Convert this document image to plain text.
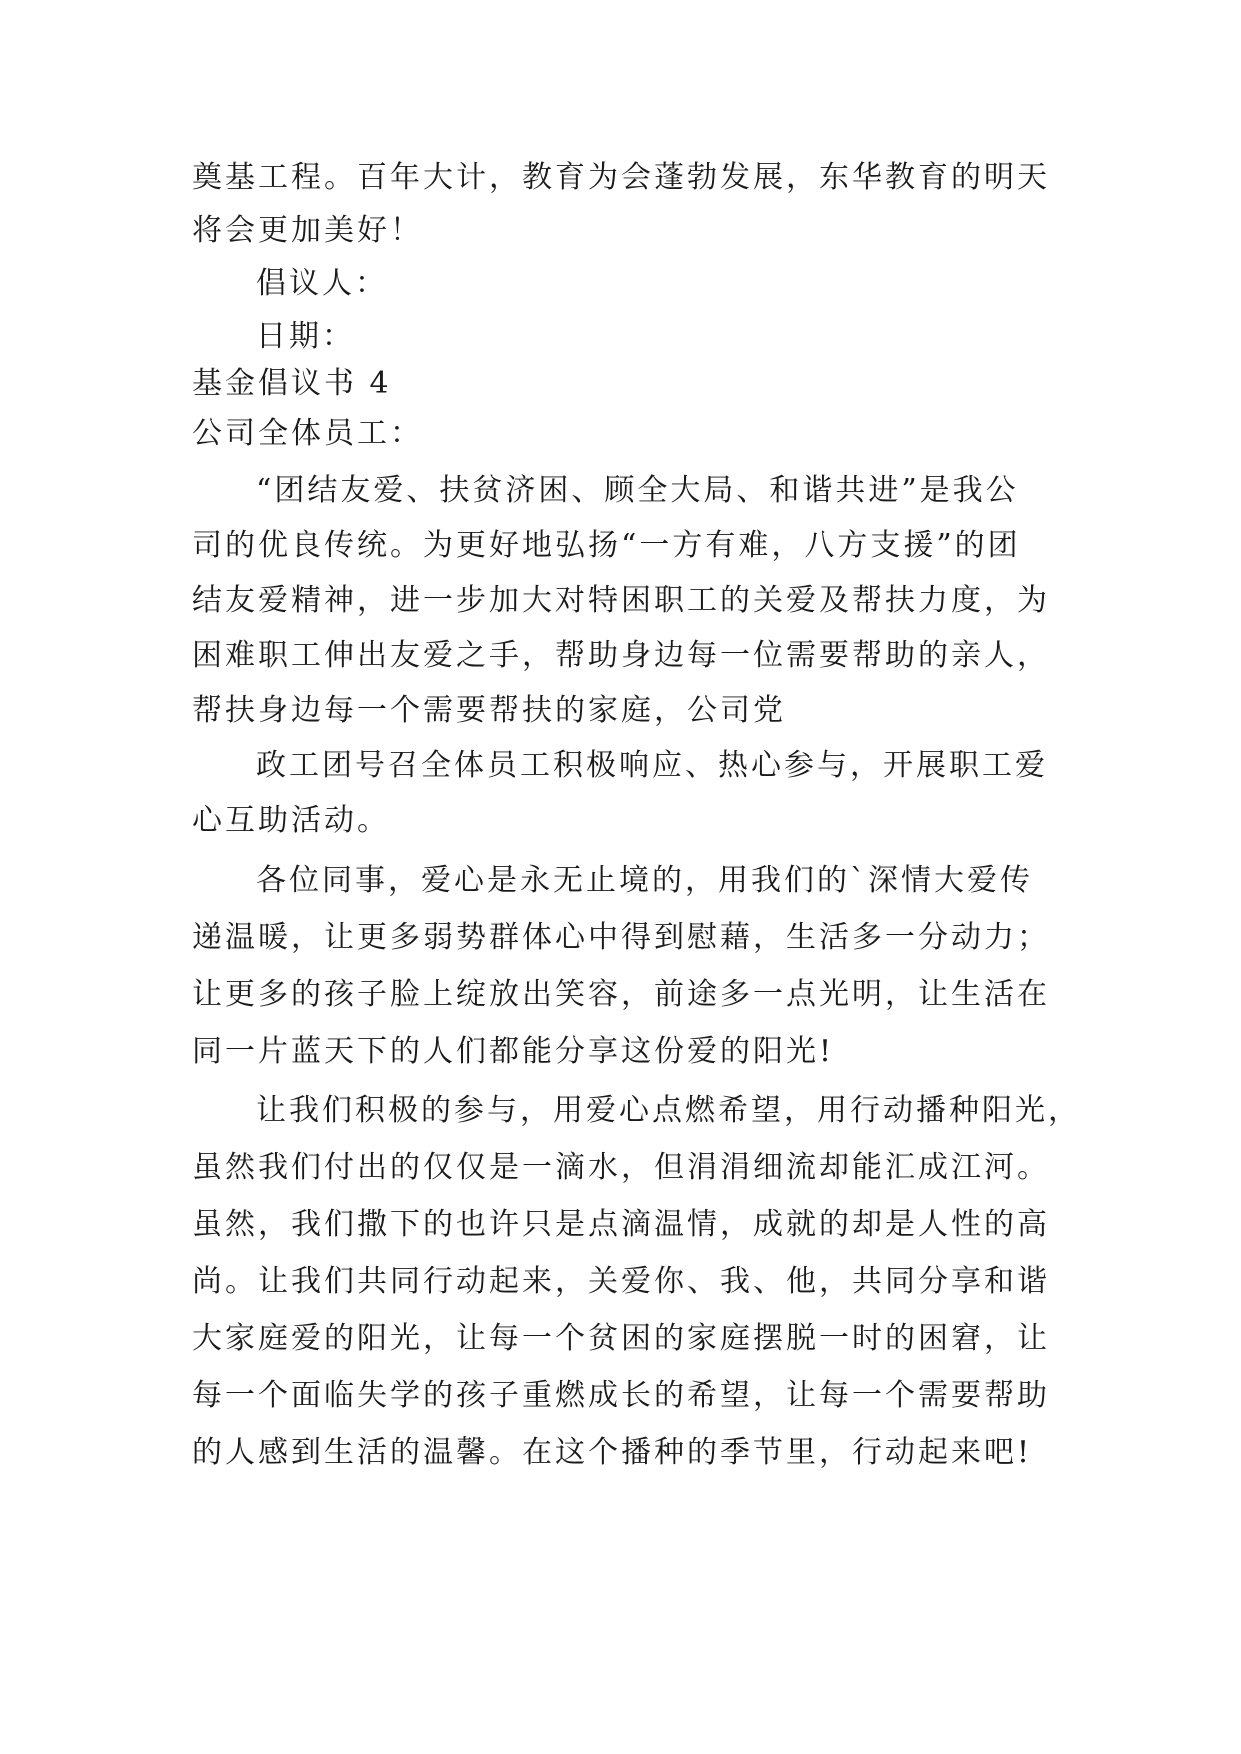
奠基工程。百年大计，教育为会蓬勃发展，东华教育的明天
将会更加美好！
倡议人：
日期：
基金倡议书 4
公司全体员工：
“团结友爱、扶贫济困、顾全大局、和谐共进”是我公
司的优良传统。为更好地弘扬“一方有难，八方支援”的团
结友爱精神，进一步加大对特困职工的关爱及帮扶力度，为
困难职工伸出友爱之手，帮助身边每一位需要帮助的亲人，
帮扶身边每一个需要帮扶的家庭，公司党
政工团号召全体员工积极响应、热心参与，开展职工爱
心互助活动。
各位同事，爱心是永无止境的，用我们的`深情大爱传
递温暖，让更多弱势群体心中得到慰藉，生活多一分动力；
让更多的孩子脸上绽放出笑容，前途多一点光明，让生活在
同一片蓝天下的人们都能分享这份爱的阳光!
让我们积极的参与，用爱心点燃希望，用行动播种阳光，
虽然我们付出的仅仅是一滴水，但涓涓细流却能汇成江河。
虽然，我们撒下的也许只是点滴温情，成就的却是人性的高
尚。让我们共同行动起来，关爱你、我、他，共同分享和谐
大家庭爱的阳光，让每一个贫困的家庭摆脱一时的困窘，让
每一个面临失学的孩子重燃成长的希望，让每一个需要帮助
的人感到生活的温馨。在这个播种的季节里，行动起来吧!
